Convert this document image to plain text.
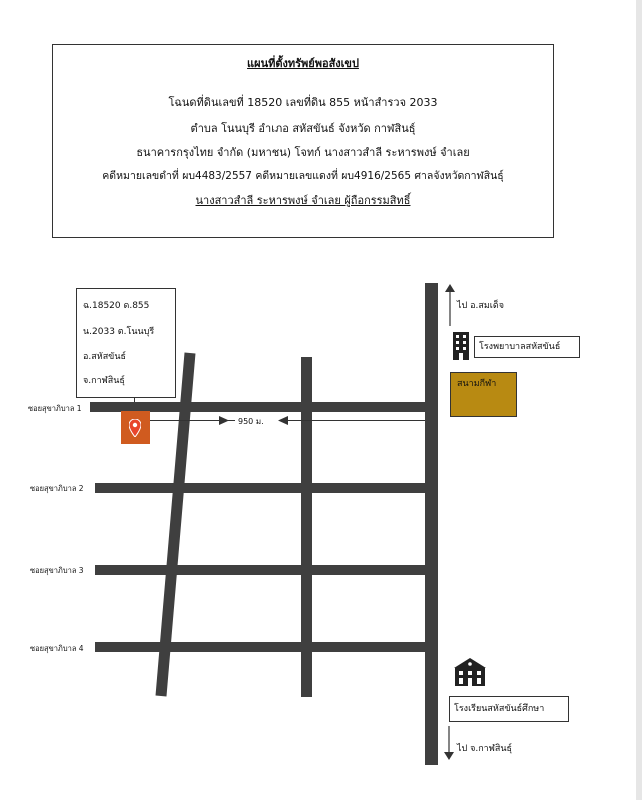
แผนที่ตั้งทรัพย์พอสังเขป
โฉนดที่ดินเลขที่ 18520 เลขที่ดิน 855 หน้าสำรวจ 2033
ตำบล โนนบุรี อำเภอ สหัสขันธ์ จังหวัด กาฬสินธุ์
ธนาคารกรุงไทย จำกัด (มหาชน) โจทก์ นางสาวสำลี ระหารพงษ์ จำเลย
คดีหมายเลขดำที่ ผบ4483/2557 คดีหมายเลขแดงที่ ผบ4916/2565 ศาลจังหวัดกาฬสินธุ์
นางสาวสำลี ระหารพงษ์ จำเลย ผู้ถือกรรมสิทธิ์
ฉ.18520 ด.855
น.2033 ต.โนนบุรี
อ.สหัสขันธ์
จ.กาฬสินธุ์
ซอยสุขาภิบาล 1
ซอยสุขาภิบาล 2
ซอยสุขาภิบาล 3
ซอยสุขาภิบาล 4
950 ม.
ไป อ.สมเด็จ
โรงพยาบาลสหัสขันธ์
สนามกีฬา
โรงเรียนสหัสขันธ์ศึกษา
ไป จ.กาฬสินธุ์
